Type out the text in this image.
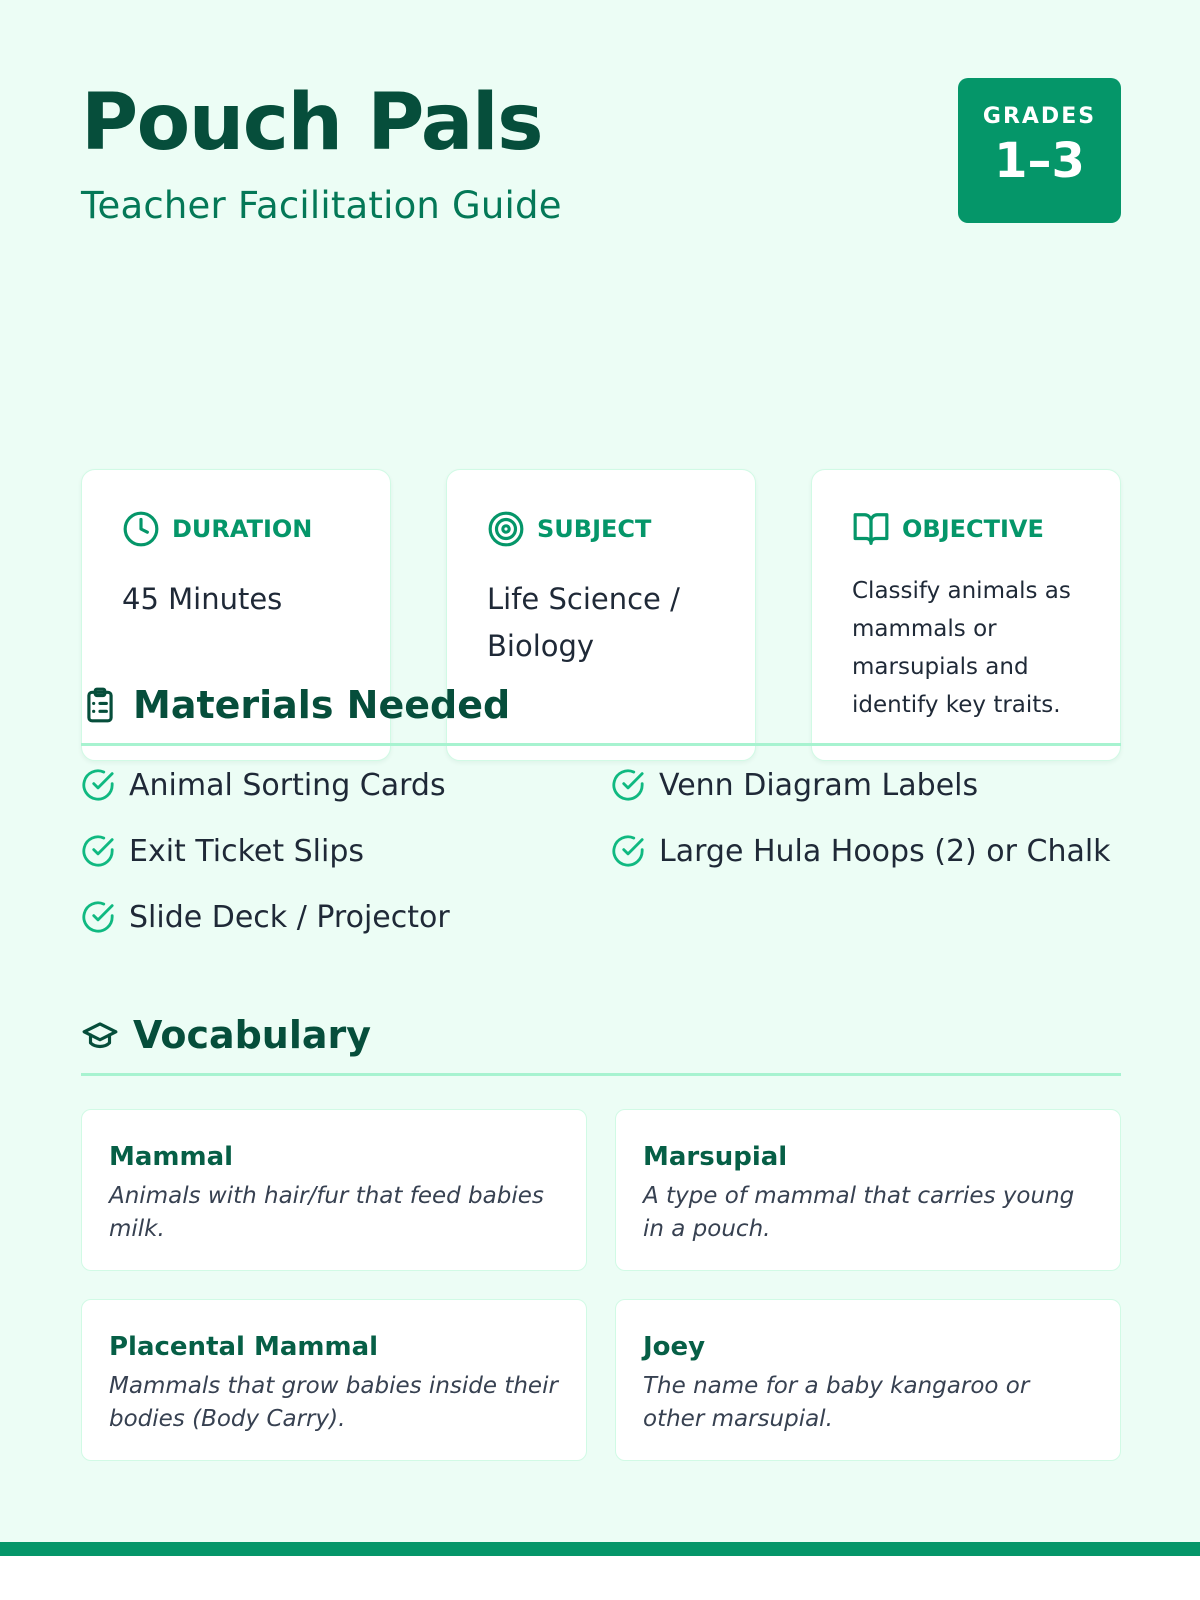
Pouch Pals
Teacher Facilitation Guide
GRADES
1–3
DURATION
45 Minutes
SUBJECT
Life Science / Biology
OBJECTIVE
Classify animals as mammals or marsupials and identify key traits.
Materials Needed
Animal Sorting Cards	Venn Diagram Labels
Exit Ticket Slips	Large Hula Hoops (2) or Chalk
Slide Deck / Projector
Vocabulary
Mammal
Animals with hair/fur that feed babies milk.
Marsupial
A type of mammal that carries young in a pouch.
Placental Mammal
Mammals that grow babies inside their bodies (Body Carry).
Joey
The name for a baby kangaroo or other marsupial.
